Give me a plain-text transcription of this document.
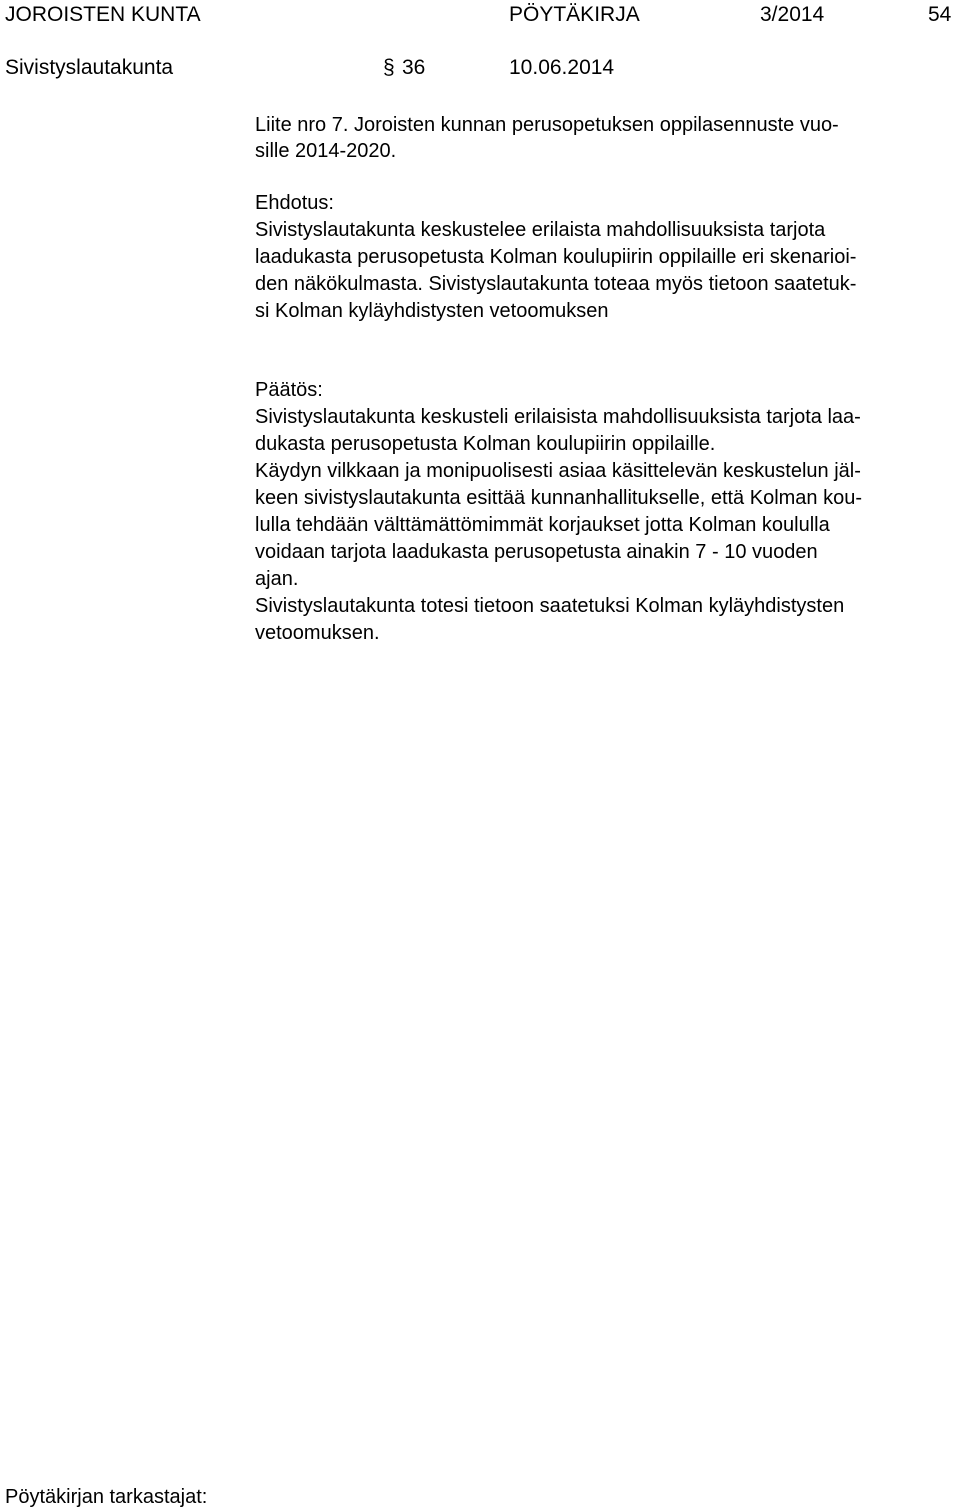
JOROISTEN KUNTA	PÖYTÄKIRJA	3/2014	54
Sivistyslautakunta	§ 36	10.06.2014
Liite nro 7. Joroisten kunnan perusopetuksen oppilasennuste vuo-
sille 2014-2020.
Ehdotus:
Sivistyslautakunta keskustelee erilaista mahdollisuuksista tarjota
laadukasta perusopetusta Kolman koulupiirin oppilaille eri skenarioi-
den näkökulmasta. Sivistyslautakunta toteaa myös tietoon saatetuk-
si Kolman kyläyhdistysten vetoomuksen
Päätös:
Sivistyslautakunta keskusteli erilaisista mahdollisuuksista tarjota laa-
dukasta perusopetusta Kolman koulupiirin oppilaille.
Käydyn vilkkaan ja monipuolisesti asiaa käsittelevän keskustelun jäl-
keen sivistyslautakunta esittää kunnanhallitukselle, että Kolman kou-
lulla tehdään välttämättömimmät korjaukset jotta Kolman koululla
voidaan tarjota laadukasta perusopetusta ainakin 7 - 10 vuoden
ajan.
Sivistyslautakunta totesi tietoon saatetuksi Kolman kyläyhdistysten
vetoomuksen.
Pöytäkirjan tarkastajat:
